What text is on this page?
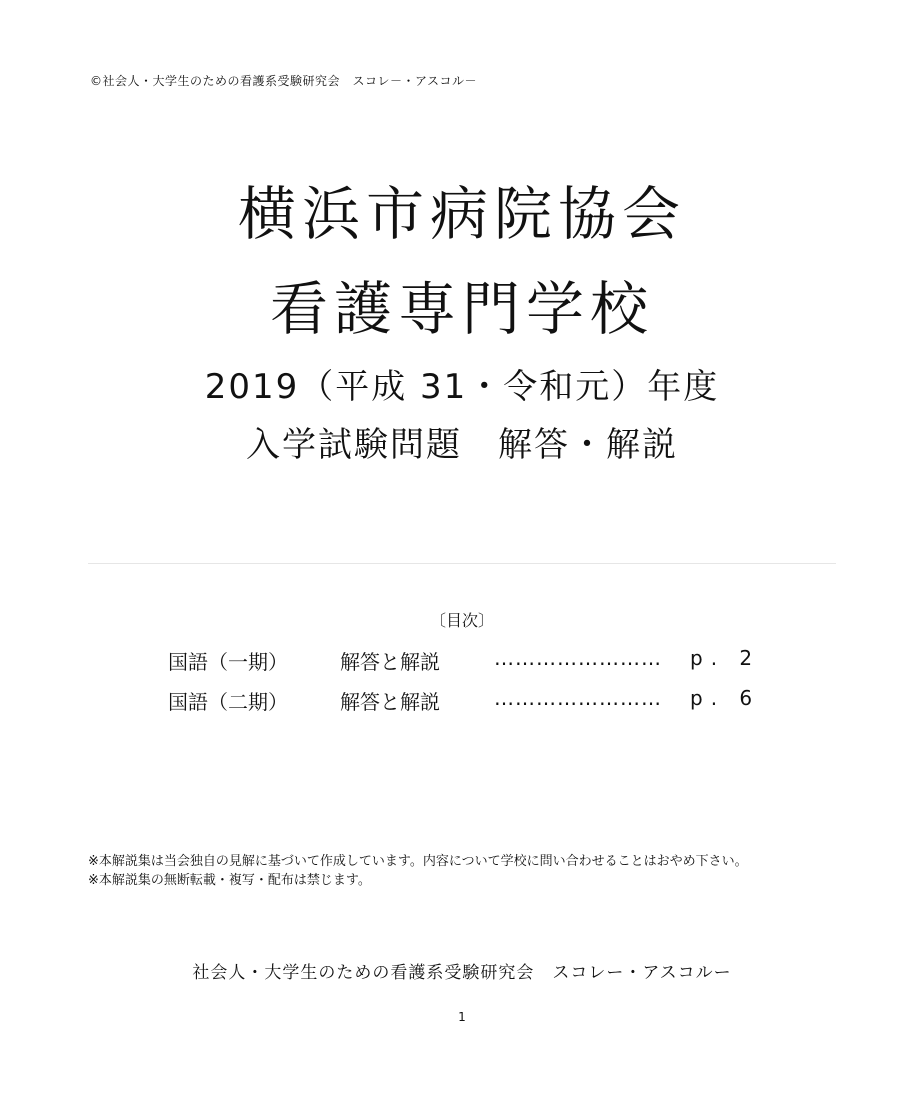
©社会人・大学生のための看護系受験研究会　スコレ－・アスコル－
横浜市病院協会
看護専門学校
2019（平成 31・令和元）年度
入学試験問題　解答・解説
〔目次〕
国語（一期）	解答と解説	…………………… p. 2
国語（二期）	解答と解説	…………………… p. 6

※本解説集は当会独自の見解に基づいて作成しています。内容について学校に問い合わせることはおやめ下さい。

※本解説集の無断転載・複写・配布は禁じます。

社会人・大学生のための看護系受験研究会　スコレー・アスコルー
1
